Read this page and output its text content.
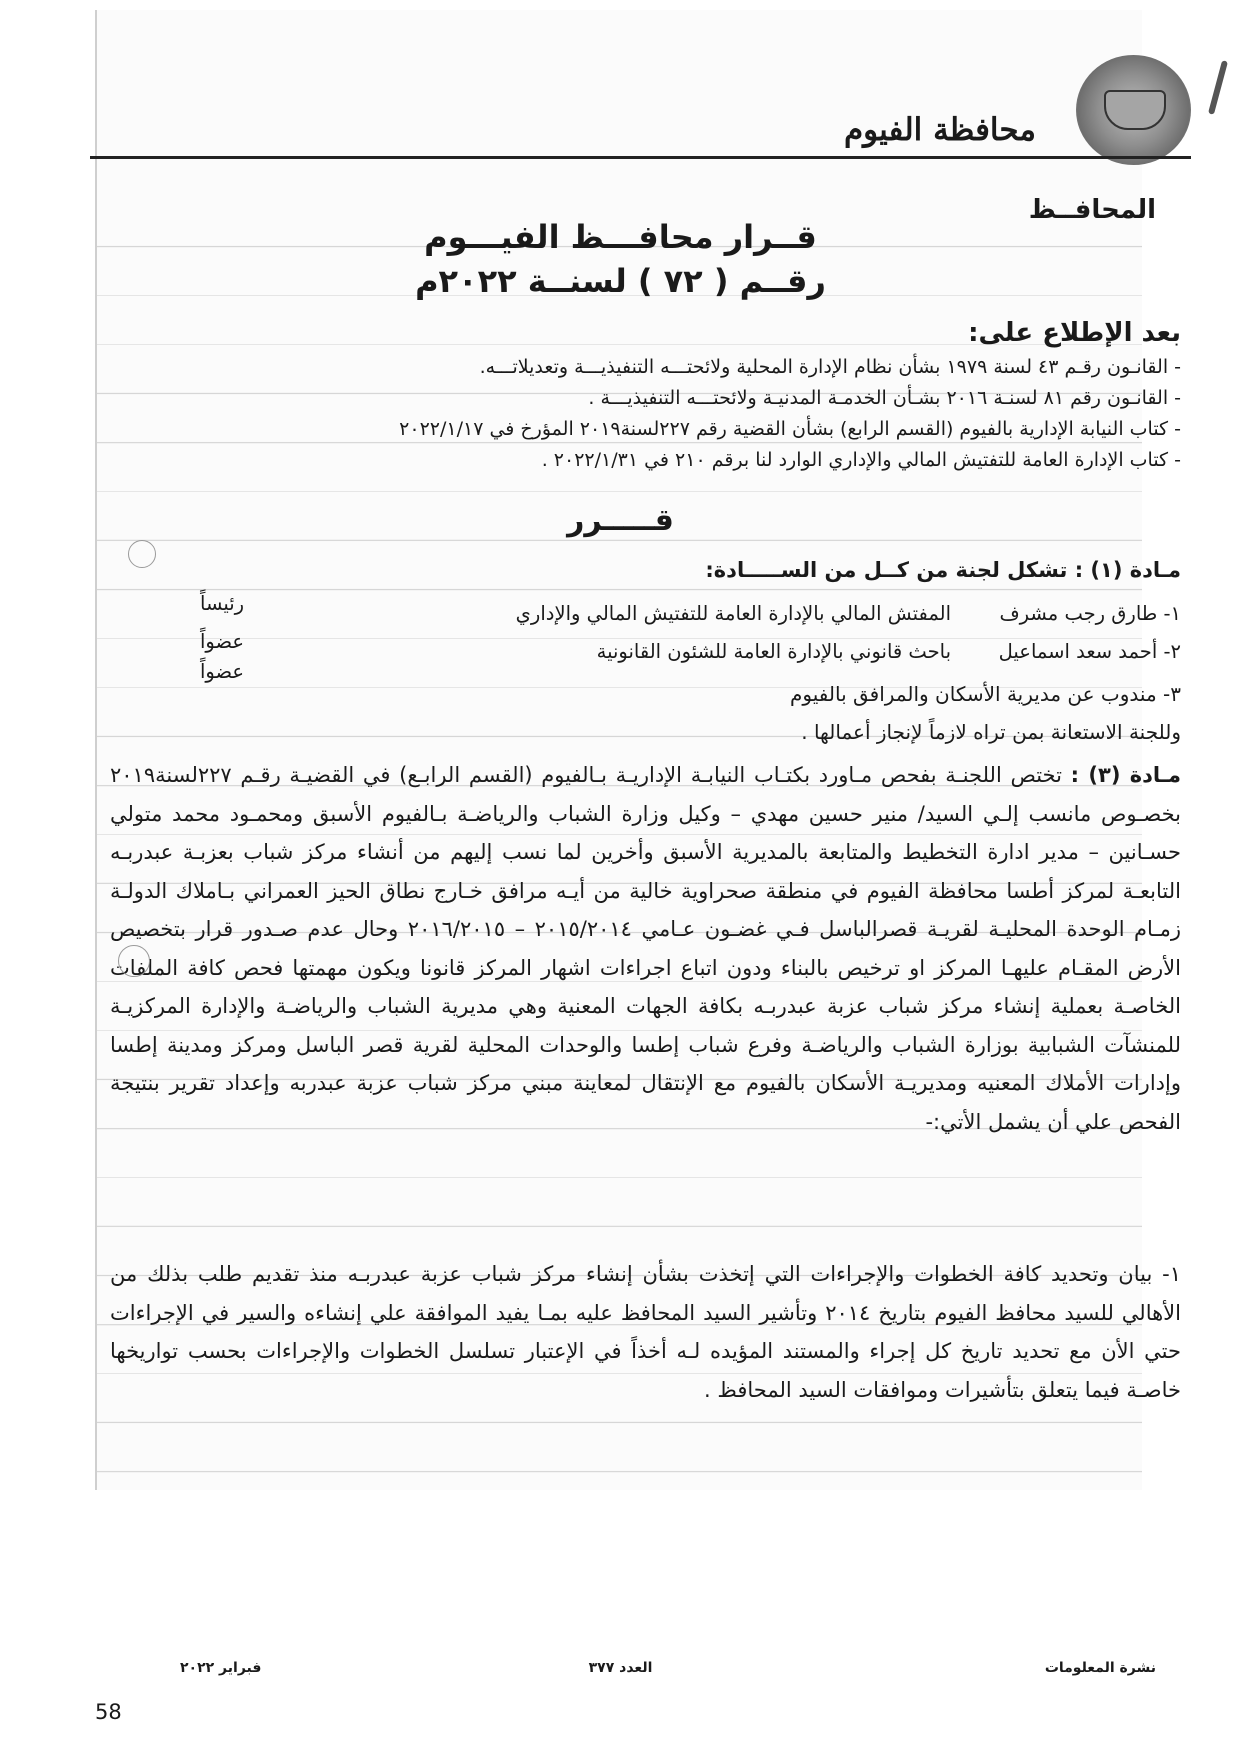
محافظة الفيوم
المحافــظ
قــرار محافـــظ الفيـــوم
رقــم ( ٧٢ ) لسنــة ٢٠٢٢م
بعد الإطلاع على:
- القانـون رقـم ٤٣ لسنة ١٩٧٩ بشأن نظام الإدارة المحلية ولائحتـــه التنفيذيـــة وتعديلاتـــه.
- القانـون رقم ٨١ لسنـة ٢٠١٦ بشـأن الخدمـة المدنيـة ولائحتـــه التنفيذيـــة .
- كتاب النيابة الإدارية بالفيوم (القسم الرابع) بشأن القضية رقم ٢٢٧لسنة٢٠١٩ المؤرخ في ٢٠٢٢/١/١٧
- كتاب الإدارة العامة للتفتيش المالي والإداري الوارد لنا برقم ٢١٠ في ٢٠٢٢/١/٣١ .
قـــــرر
مـادة (١) : تشكل لجنة من كــل من الســـــادة:
١- طارق رجب مشرف
المفتش المالي بالإدارة العامة للتفتيش المالي والإداري
رئيساً
٢- أحمد سعد اسماعيل
باحث قانوني بالإدارة العامة للشئون القانونية
عضواً
عضواً
٣- مندوب عن مديرية الأسكان والمرافق بالفيوم
وللجنة الاستعانة بمن تراه لازماً لإنجاز أعمالها .
مـادة (٣) : تختص اللجنـة بفحص مـاورد بكتـاب النيابـة الإداريـة بـالفيوم (القسم الرابـع) في القضيـة رقـم ٢٢٧لسنة٢٠١٩ بخصـوص مانسب إلـي السيد/ منير حسين مهدي – وكيل وزارة الشباب والرياضـة بـالفيوم الأسبق ومحمـود محمد متولي حسـانين – مدير ادارة التخطيط والمتابعة بالمديرية الأسبق وأخرين لما نسب إليهم من أنشاء مركز شباب بعزبـة عبدربـه التابعـة لمركز أطسا محافظة الفيوم في منطقة صحراوية خالية من أيـه مرافق خـارج نطاق الحيز العمراني بـاملاك الدولـة زمـام الوحدة المحليـة لقريـة قصرالباسل فـي غضـون عـامي ٢٠١٥/٢٠١٤ – ٢٠١٦/٢٠١٥ وحال عدم صـدور قرار بتخصيص الأرض المقـام عليهـا المركز او ترخيص بالبناء ودون اتباع اجراءات اشهار المركز قانونا ويكون مهمتها فحص كافة الملفات الخاصـة بعملية إنشاء مركز شباب عزبة عبدربـه بكافة الجهات المعنية وهي مديرية الشباب والرياضـة والإدارة المركزيـة للمنشآت الشبابية بوزارة الشباب والرياضـة وفرع شباب إطسا والوحدات المحلية لقرية قصر الباسل ومركز ومدينة إطسا وإدارات الأملاك المعنيه ومديريـة الأسكان بالفيوم مع الإنتقال لمعاينة مبني مركز شباب عزبة عبدربه وإعداد تقرير بنتيجة الفحص علي أن يشمل الأتي:-
١- بيان وتحديد كافة الخطوات والإجراءات التي إتخذت بشأن إنشاء مركز شباب عزبة عبدربـه منذ تقديم طلب بذلك من الأهالي للسيد محافظ الفيوم بتاريخ ٢٠١٤ وتأشير السيد المحافظ عليه بمـا يفيد الموافقة علي إنشاءه والسير في الإجراءات حتي الأن مع تحديد تاريخ كل إجراء والمستند المؤيده لـه أخذاً في الإعتبار تسلسل الخطوات والإجراءات بحسب تواريخها خاصـة فيما يتعلق بتأشيرات وموافقات السيد المحافظ .
نشرة المعلومات
العدد ٣٧٧
فبراير ٢٠٢٢
58
